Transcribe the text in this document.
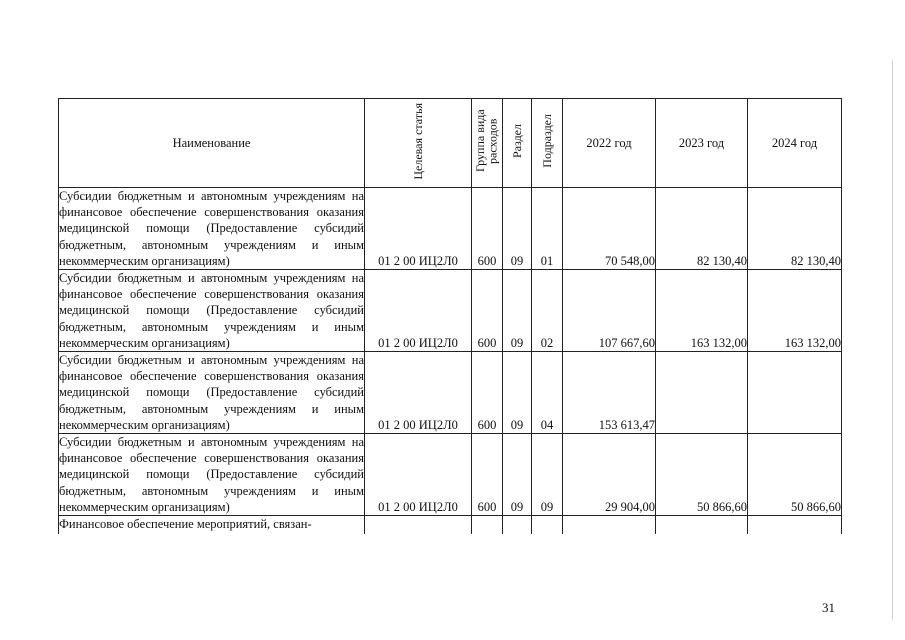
Наименование	Целевая статья	Группа вида расходов	Раздел	Подраздел	2022 год	2023 год	2024 год
Субсидии бюджетным и автономным учреждениям на финансовое обеспечение совершенствования оказания медицинской помощи (Предоставление субсидий бюджетным, автономным учреждениям и иным некоммерческим организациям)	01 2 00 ИЦ2Л0	600	09	01	70 548,00	82 130,40	82 130,40
Субсидии бюджетным и автономным учреждениям на финансовое обеспечение совершенствования оказания медицинской помощи (Предоставление субсидий бюджетным, автономным учреждениям и иным некоммерческим организациям)	01 2 00 ИЦ2Л0	600	09	02	107 667,60	163 132,00	163 132,00
Субсидии бюджетным и автономным учреждениям на финансовое обеспечение совершенствования оказания медицинской помощи (Предоставление субсидий бюджетным, автономным учреждениям и иным некоммерческим организациям)	01 2 00 ИЦ2Л0	600	09	04	153 613,47		
Субсидии бюджетным и автономным учреждениям на финансовое обеспечение совершенствования оказания медицинской помощи (Предоставление субсидий бюджетным, автономным учреждениям и иным некоммерческим организациям)	01 2 00 ИЦ2Л0	600	09	09	29 904,00	50 866,60	50 866,60
Финансовое обеспечение мероприятий, связан-							
31
